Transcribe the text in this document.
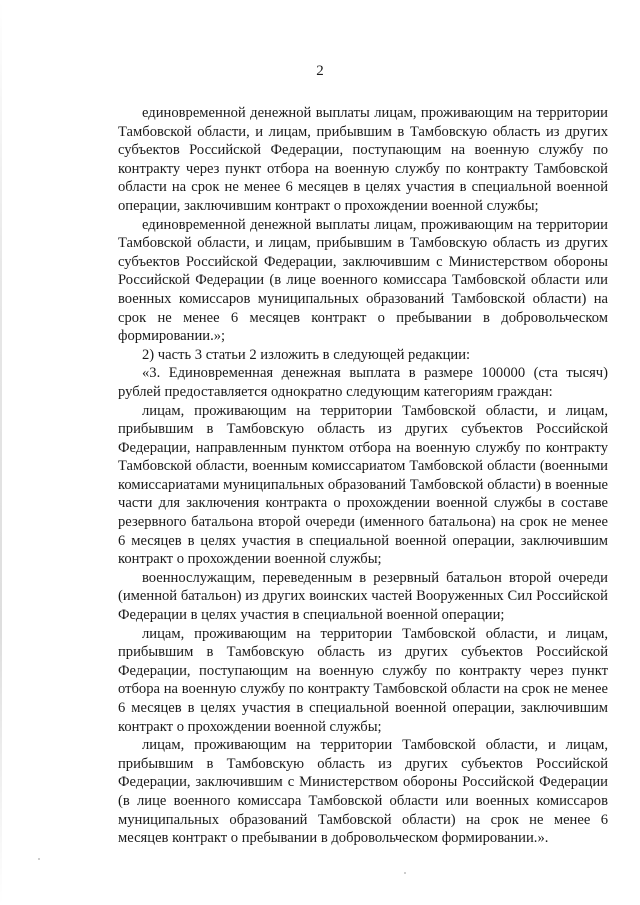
2

единовременной денежной выплаты лицам, проживающим на территории Тамбовской области, и лицам, прибывшим в Тамбовскую область из других субъектов Российской Федерации, поступающим на военную службу по контракту через пункт отбора на военную службу по контракту Тамбовской области на срок не менее 6 месяцев в целях участия в специальной военной операции, заключившим контракт о прохождении военной службы;

единовременной денежной выплаты лицам, проживающим на территории Тамбовской области, и лицам, прибывшим в Тамбовскую область из других субъектов Российской Федерации, заключившим с Министерством обороны Российской Федерации (в лице военного комиссара Тамбовской области или военных комиссаров муниципальных образований Тамбовской области) на срок не менее 6 месяцев контракт о пребывании в добровольческом формировании.»;

2) часть 3 статьи 2 изложить в следующей редакции:

«3. Единовременная денежная выплата в размере 100000 (ста тысяч) рублей предоставляется однократно следующим категориям граждан:

лицам, проживающим на территории Тамбовской области, и лицам, прибывшим в Тамбовскую область из других субъектов Российской Федерации, направленным пунктом отбора на военную службу по контракту Тамбовской области, военным комиссариатом Тамбовской области (военными комиссариатами муниципальных образований Тамбовской области) в военные части для заключения контракта о прохождении военной службы в составе резервного батальона второй очереди (именного батальона) на срок не менее 6 месяцев в целях участия в специальной военной операции, заключившим контракт о прохождении военной службы;

военнослужащим, переведенным в резервный батальон второй очереди (именной батальон) из других воинских частей Вооруженных Сил Российской Федерации в целях участия в специальной военной операции;

лицам, проживающим на территории Тамбовской области, и лицам, прибывшим в Тамбовскую область из других субъектов Российской Федерации, поступающим на военную службу по контракту через пункт отбора на военную службу по контракту Тамбовской области на срок не менее 6 месяцев в целях участия в специальной военной операции, заключившим контракт о прохождении военной службы;

лицам, проживающим на территории Тамбовской области, и лицам, прибывшим в Тамбовскую область из других субъектов Российской Федерации, заключившим с Министерством обороны Российской Федерации (в лице военного комиссара Тамбовской области или военных комиссаров муниципальных образований Тамбовской области) на срок не менее 6 месяцев контракт о пребывании в добровольческом формировании.».
